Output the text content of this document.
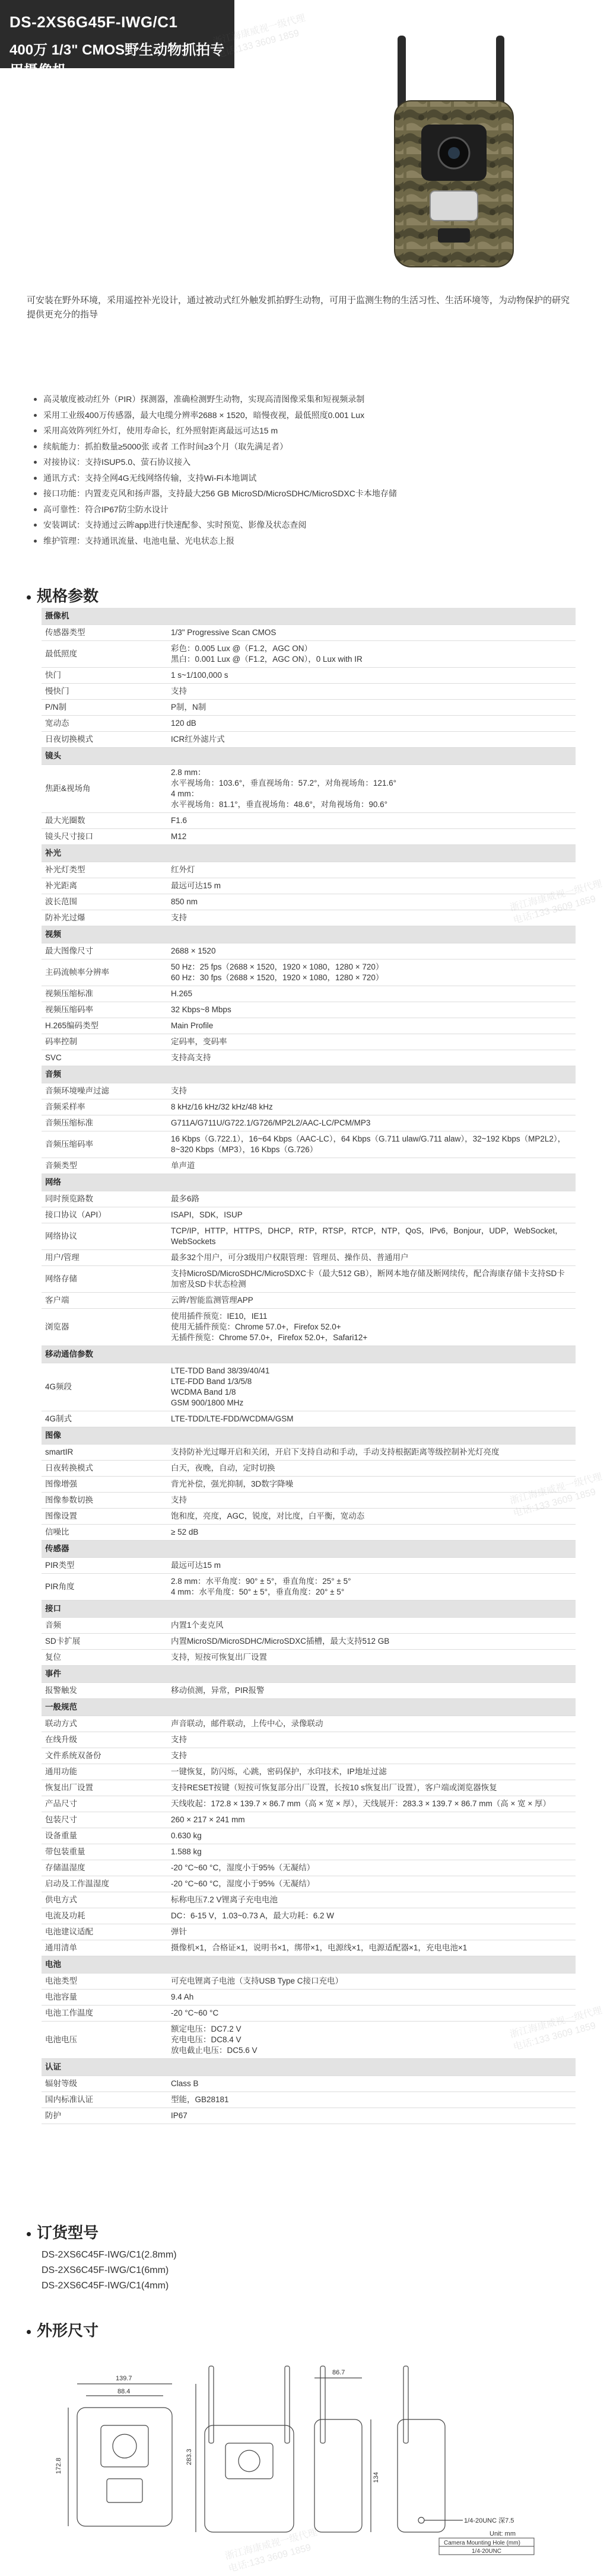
DS-2XS6G45F-IWG/C1
400万 1/3" CMOS野生动物抓拍专用摄像机
可安装在野外环境，采用遥控补光设计，通过被动式红外触发抓拍野生动物，可用于监测生物的生活习性、生活环境等，为动物保护的研究提供更充分的指导
高灵敏度被动红外（PIR）探测器，准确检测野生动物，实现高清图像采集和短视频录制
采用工业级400万传感器，最大电缆分辨率2688 × 1520，暗慢夜视，最低照度0.001 Lux
采用高效阵列红外灯，使用寿命长，红外照射距离最远可达15 m
续航能力：抓拍数量≥5000张 或者 工作时间≥3个月（取先满足者）
对接协议：支持ISUP5.0、萤石协议接入
通讯方式：支持全网4G无线网络传输，支持Wi-Fi本地调试
接口功能：内置麦克风和扬声器，支持最大256 GB MicroSD/MicroSDHC/MicroSDXC卡本地存储
高可靠性：符合IP67防尘防水设计
安装调试：支持通过云眸app进行快速配参、实时预览、影像及状态查阅
维护管理：支持通讯流量、电池电量、光电状态上报
规格参数
摄像机	
传感器类型	1/3" Progressive Scan CMOS
最低照度	彩色：0.005 Lux @（F1.2，AGC ON）
黑白：0.001 Lux @（F1.2，AGC ON），0 Lux with IR
快门	1 s~1/100,000 s
慢快门	支持
P/N制	P制，N制
宽动态	120 dB
日夜切换模式	ICR红外滤片式
镜头	
焦距&视场角	2.8 mm：
水平视场角：103.6°，垂直视场角：57.2°，对角视场角：121.6°
4 mm：
水平视场角：81.1°，垂直视场角：48.6°，对角视场角：90.6°
最大光圈数	F1.6
镜头尺寸接口	M12
补光	
补光灯类型	红外灯
补光距离	最远可达15 m
波长范围	850 nm
防补光过爆	支持
视频	
最大图像尺寸	2688 × 1520
主码流帧率分辨率	50 Hz：25 fps（2688 × 1520，1920 × 1080，1280 × 720）
60 Hz：30 fps（2688 × 1520，1920 × 1080，1280 × 720）
视频压缩标准	H.265
视频压缩码率	32 Kbps~8 Mbps
H.265编码类型	Main Profile
码率控制	定码率，变码率
SVC	支持高支持
音频	
音频环境噪声过滤	支持
音频采样率	8 kHz/16 kHz/32 kHz/48 kHz
音频压缩标准	G711A/G711U/G722.1/G726/MP2L2/AAC-LC/PCM/MP3
音频压缩码率	16 Kbps（G.722.1），16~64 Kbps（AAC-LC），64 Kbps（G.711 ulaw/G.711 alaw），32~192 Kbps（MP2L2），8~320 Kbps（MP3），16 Kbps（G.726）
音频类型	单声道
网络	
同时预览路数	最多6路
接口协议（API）	ISAPI，SDK，ISUP
网络协议	TCP/IP，HTTP，HTTPS，DHCP，RTP，RTSP，RTCP，NTP，QoS，IPv6，Bonjour，UDP，WebSocket，WebSockets
用户/管理	最多32个用户，可分3级用户权限管理：管理员、操作员、普通用户
网络存储	支持MicroSD/MicroSDHC/MicroSDXC卡（最大512 GB），断网本地存储及断网续传，配合海康存储卡支持SD卡加密及SD卡状态检测
客户端	云眸/智能监测管理APP
浏览器	使用插件预览：IE10，IE11
使用无插件预览：Chrome 57.0+，Firefox 52.0+
无插件预览：Chrome 57.0+，Firefox 52.0+，Safari12+
移动通信参数	
4G频段	LTE-TDD Band 38/39/40/41
LTE-FDD Band 1/3/5/8
WCDMA Band 1/8
GSM 900/1800 MHz
4G制式	LTE-TDD/LTE-FDD/WCDMA/GSM
图像	
smartIR	支持防补光过曝开启和关闭，开启下支持自动和手动，手动支持根据距离等级控制补光灯亮度
日夜转换模式	白天，夜晚，自动，定时切换
图像增强	背光补偿，强光抑制，3D数字降噪
图像参数切换	支持
图像设置	饱和度，亮度，AGC，锐度，对比度，白平衡，宽动态
信噪比	≥ 52 dB
传感器	
PIR类型	最远可达15 m
PIR角度	2.8 mm：水平角度：90° ± 5°，垂直角度：25° ± 5°
4 mm：水平角度：50° ± 5°，垂直角度：20° ± 5°
接口	
音频	内置1个麦克风
SD卡扩展	内置MicroSD/MicroSDHC/MicroSDXC插槽，最大支持512 GB
复位	支持，短按可恢复出厂设置
事件	
报警触发	移动侦测，异常，PIR报警
一般规范	
联动方式	声音联动，邮件联动，上传中心，录像联动
在线升级	支持
文件系统双备份	支持
通用功能	一键恢复，防闪烁，心跳，密码保护，水印技术，IP地址过滤
恢复出厂设置	支持RESET按键（短按可恢复部分出厂设置，长按10 s恢复出厂设置），客户端或浏览器恢复
产品尺寸	天线收起：172.8 × 139.7 × 86.7 mm（高 × 宽 × 厚），天线展开：283.3 × 139.7 × 86.7 mm（高 × 宽 × 厚）
包装尺寸	260 × 217 × 241 mm
设备重量	0.630 kg
带包装重量	1.588 kg
存储温湿度	-20 °C~60 °C，湿度小于95%（无凝结）
启动及工作温湿度	-20 °C~60 °C，湿度小于95%（无凝结）
供电方式	标称电压7.2 V锂离子充电电池
电流及功耗	DC：6-15 V，1.03~0.73 A，最大功耗：6.2 W
电池建议适配	弹针
通用清单	摄像机×1，合格证×1，说明书×1，绑带×1，电源线×1，电源适配器×1，充电电池×1
电池	
电池类型	可充电锂离子电池（支持USB Type C接口充电）
电池容量	9.4 Ah
电池工作温度	-20 °C~60 °C
电池电压	额定电压：DC7.2 V
充电电压：DC8.4 V
放电截止电压：DC5.6 V
认证	
辐射等级	Class B
国内标准认证	型能，GB28181
防护	IP67
订货型号
DS-2XS6C45F-IWG/C1(2.8mm)
DS-2XS6C45F-IWG/C1(6mm)
DS-2XS6C45F-IWG/C1(4mm)
外形尺寸
139.7
88.4
172.8
283.3
86.7
134
1/4-20UNC 深7.5
Unit: mm
Camera Mounting Hole (mm)
1/4-20UNC
浙江海康威视一级代理
电话:133 3609 1859
浙江海康威视一级代理
电话:133 3609 1859
浙江海康威视一级代理
电话:133 3609 1859
浙江海康威视一级代理
电话:133 3609 1859
